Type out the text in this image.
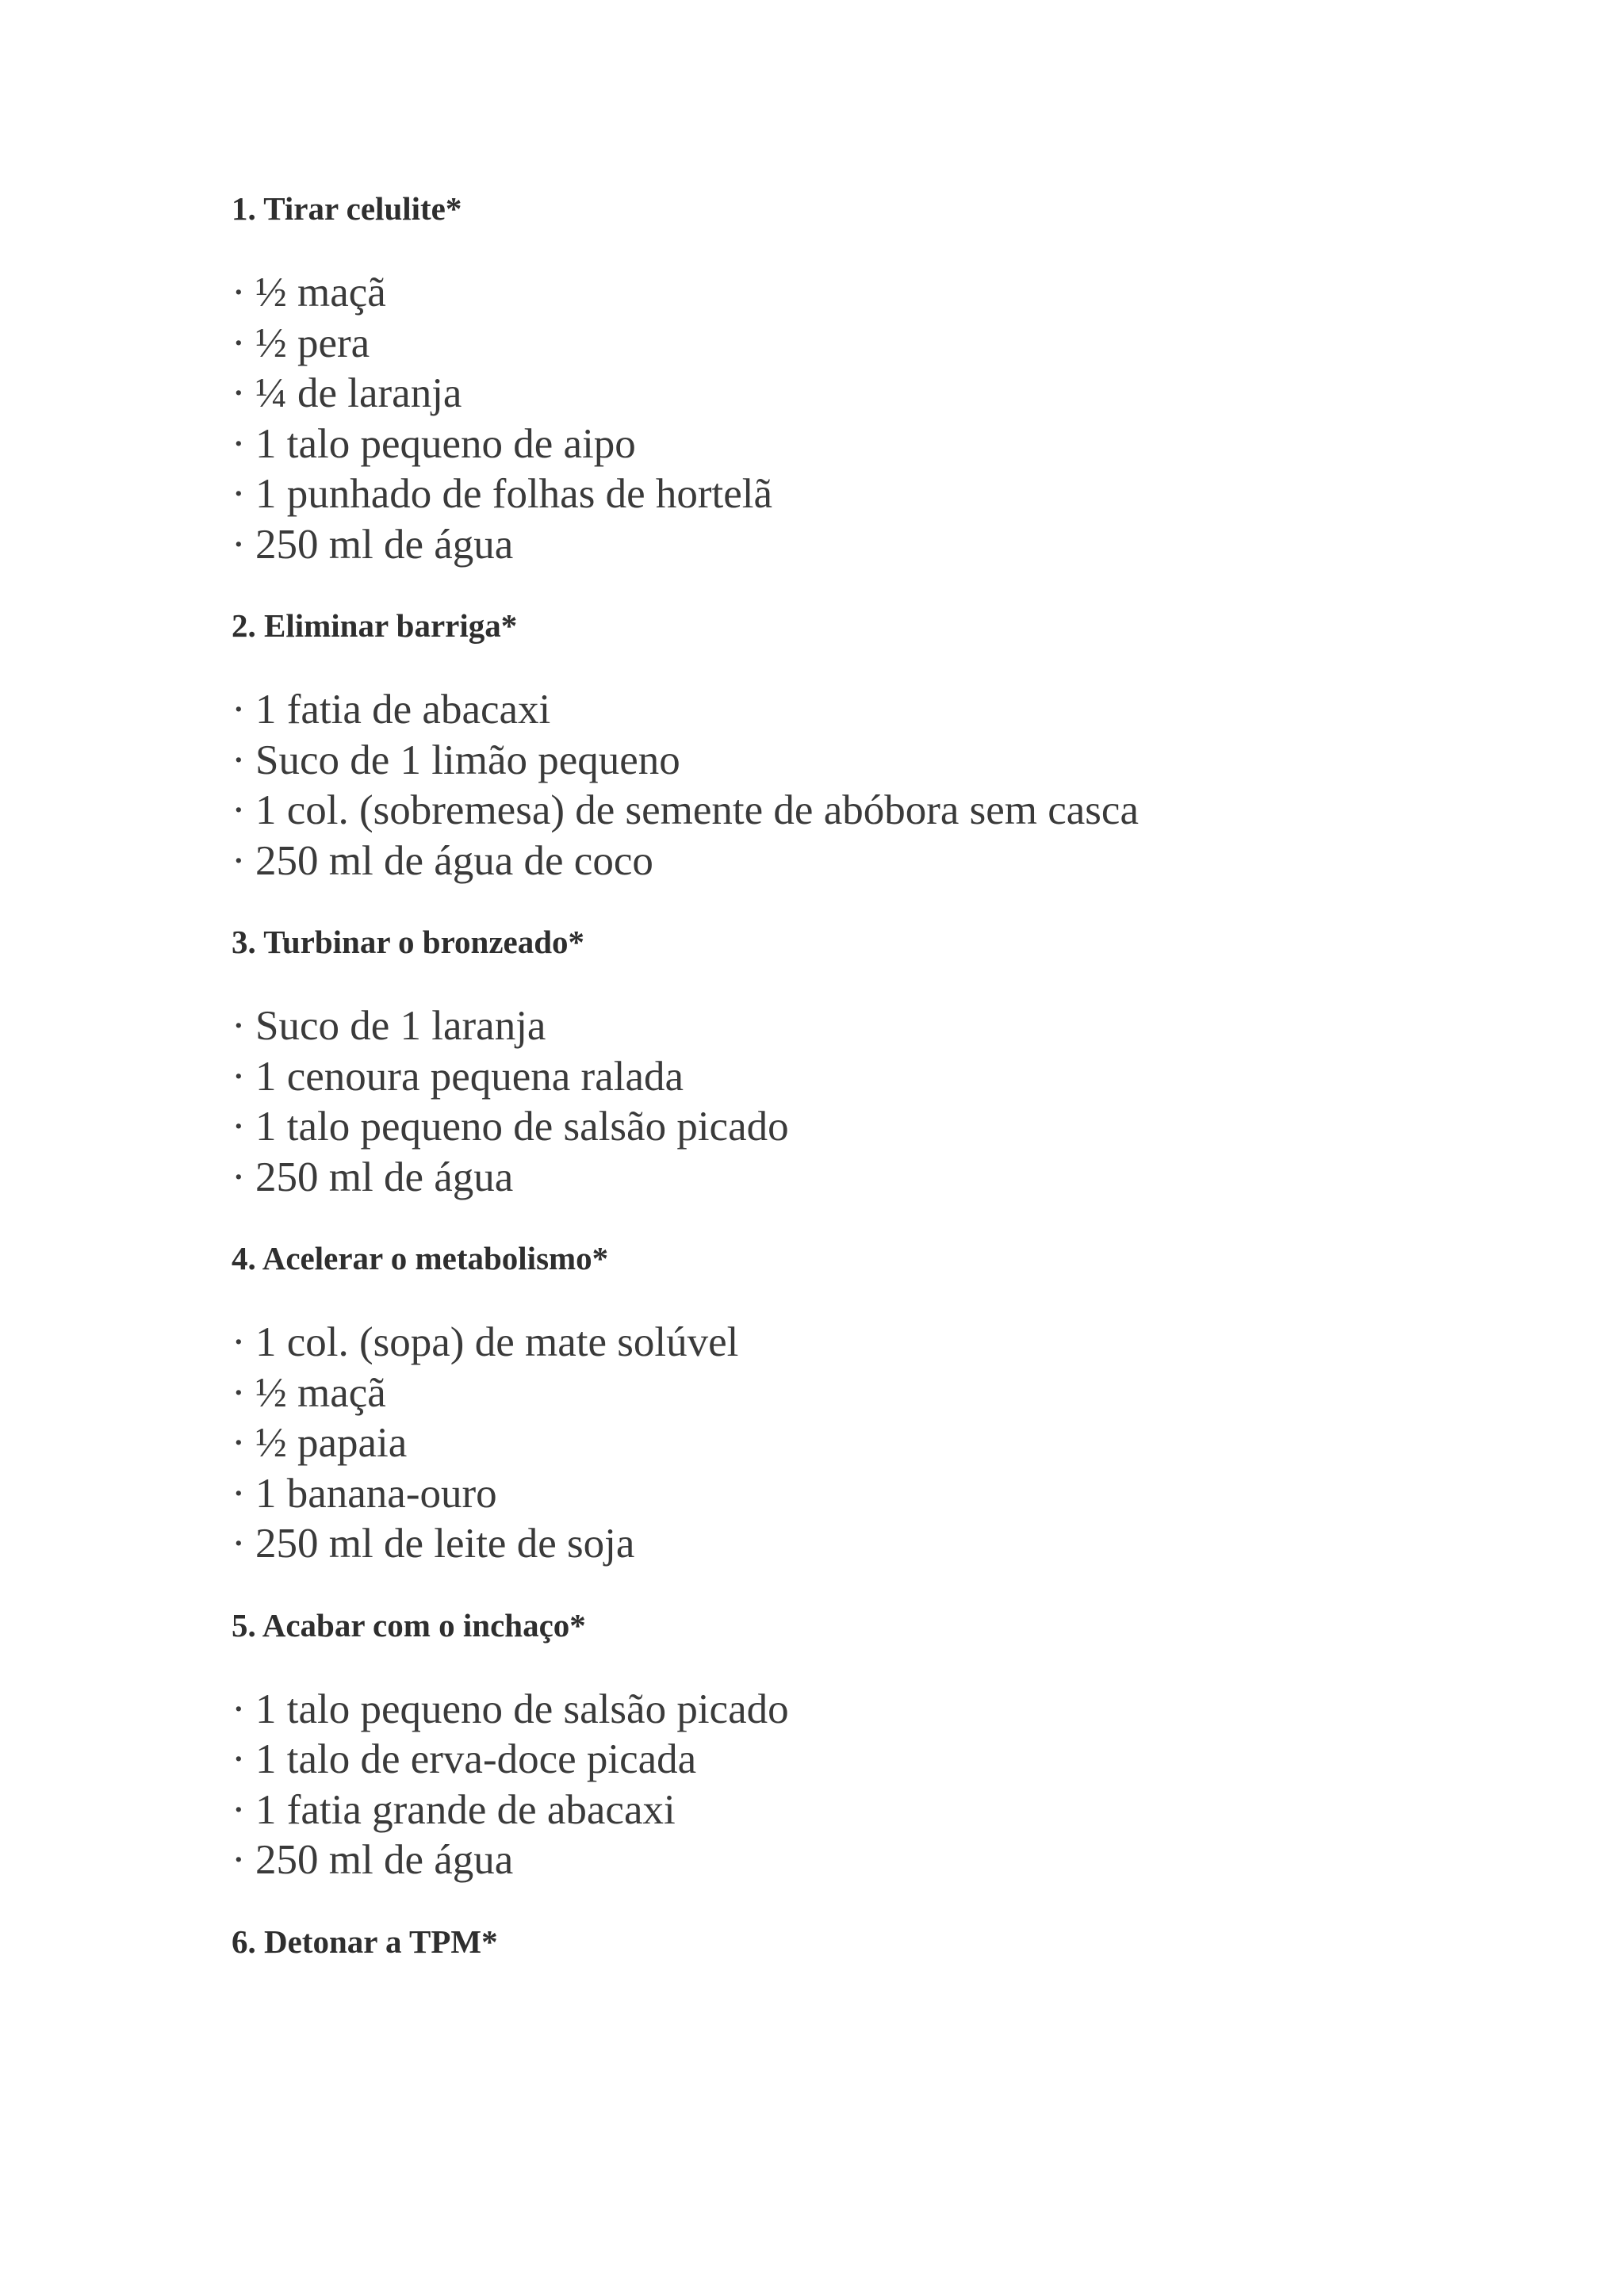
1. Tirar celulite*
· ½ maçã
· ½ pera
· ¼ de laranja
· 1 talo pequeno de aipo
· 1 punhado de folhas de hortelã
· 250 ml de água
2. Eliminar barriga*
· 1 fatia de abacaxi
· Suco de 1 limão pequeno
· 1 col. (sobremesa) de semente de abóbora sem casca
· 250 ml de água de coco
3. Turbinar o bronzeado*
· Suco de 1 laranja
· 1 cenoura pequena ralada
· 1 talo pequeno de salsão picado
· 250 ml de água
4. Acelerar o metabolismo*
· 1 col. (sopa) de mate solúvel
· ½ maçã
· ½ papaia
· 1 banana-ouro
· 250 ml de leite de soja
5. Acabar com o inchaço*
· 1 talo pequeno de salsão picado
· 1 talo de erva-doce picada
· 1 fatia grande de abacaxi
· 250 ml de água
6. Detonar a TPM*
